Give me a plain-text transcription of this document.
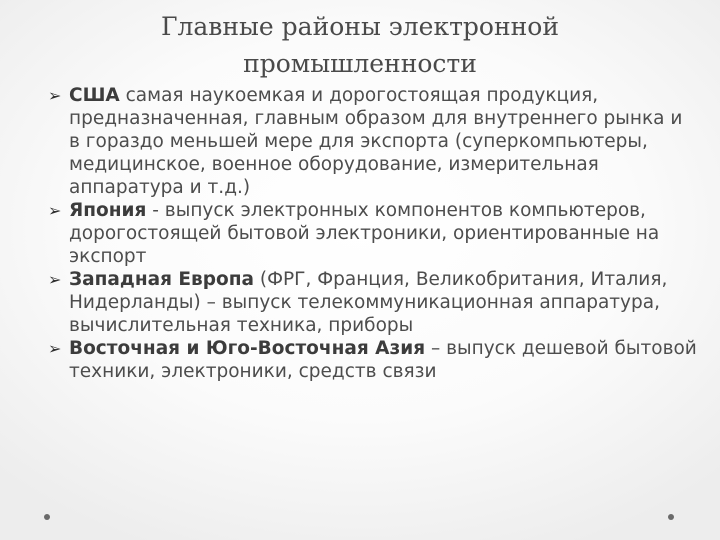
Главные районы электронной
промышленности
➢ США самая наукоемкая и дорогостоящая продукция, предназначенная, главным образом для внутреннего рынка и в гораздо меньшей мере для экспорта (суперкомпьютеры, медицинское, военное оборудование, измерительная аппаратура и т.д.)
➢ Япония - выпуск электронных компонентов компьютеров, дорогостоящей бытовой электроники, ориентированные на экспорт
➢ Западная Европа (ФРГ, Франция, Великобритания, Италия, Нидерланды) – выпуск телекоммуникационная аппаратура, вычислительная техника, приборы
➢ Восточная и Юго-Восточная Азия – выпуск дешевой бытовой техники, электроники, средств связи
